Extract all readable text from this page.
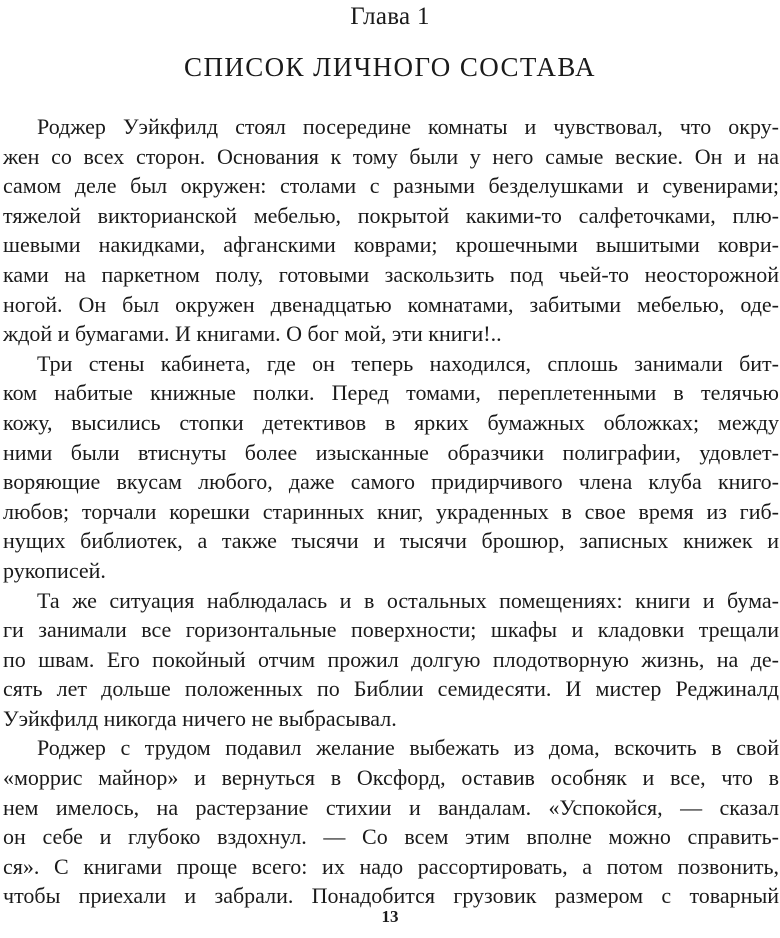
Глава 1
СПИСОК ЛИЧНОГО СОСТАВА
Роджер Уэйкфилд стоял посередине комнаты и чувствовал, что окру-
жен со всех сторон. Основания к тому были у него самые веские. Он и на
самом деле был окружен: столами с разными безделушками и сувенирами;
тяжелой викторианской мебелью, покрытой какими-то салфеточками, плю-
шевыми накидками, афганскими коврами; крошечными вышитыми коври-
ками на паркетном полу, готовыми заскользить под чьей-то неосторожной
ногой. Он был окружен двенадцатью комнатами, забитыми мебелью, оде-
ждой и бумагами. И книгами. О бог мой, эти книги!..
Три стены кабинета, где он теперь находился, сплошь занимали бит-
ком набитые книжные полки. Перед томами, переплетенными в телячью
кожу, высились стопки детективов в ярких бумажных обложках; между
ними были втиснуты более изысканные образчики полиграфии, удовлет-
воряющие вкусам любого, даже самого придирчивого члена клуба книго-
любов; торчали корешки старинных книг, украденных в свое время из гиб-
нущих библиотек, а также тысячи и тысячи брошюр, записных книжек и
рукописей.
Та же ситуация наблюдалась и в остальных помещениях: книги и бума-
ги занимали все горизонтальные поверхности; шкафы и кладовки трещали
по швам. Его покойный отчим прожил долгую плодотворную жизнь, на де-
сять лет дольше положенных по Библии семидесяти. И мистер Реджиналд
Уэйкфилд никогда ничего не выбрасывал.
Роджер с трудом подавил желание выбежать из дома, вскочить в свой
«моррис майнор» и вернуться в Оксфорд, оставив особняк и все, что в
нем имелось, на растерзание стихии и вандалам. «Успокойся, — сказал
он себе и глубоко вздохнул. — Со всем этим вполне можно справить-
ся». С книгами проще всего: их надо рассортировать, а потом позвонить,
чтобы приехали и забрали. Понадобится грузовик размером с товарный
13
